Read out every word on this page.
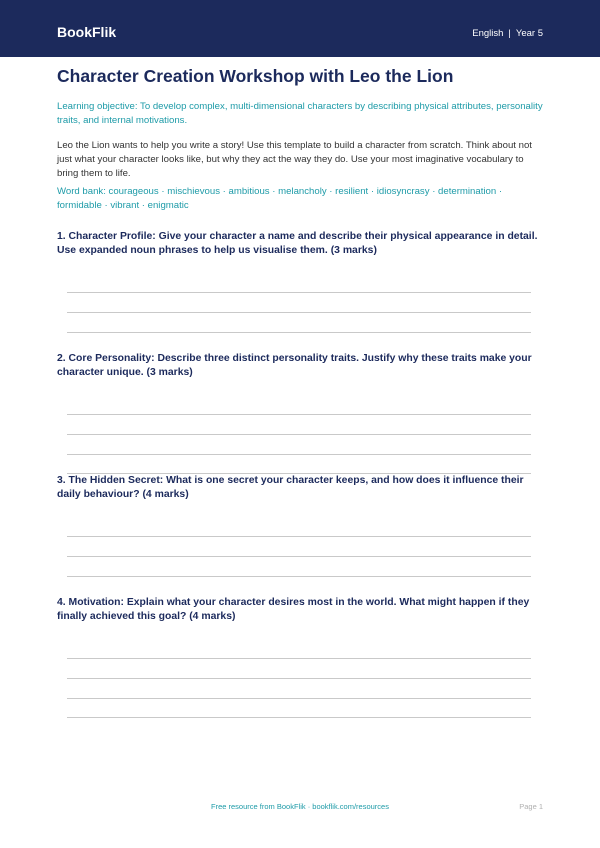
BookFlik	English | Year 5
Character Creation Workshop with Leo the Lion

Learning objective: To develop complex, multi-dimensional characters by describing physical attributes, personality traits, and internal motivations.

Leo the Lion wants to help you write a story! Use this template to build a character from scratch. Think about not just what your character looks like, but why they act the way they do. Use your most imaginative vocabulary to bring them to life.

Word bank: courageous · mischievous · ambitious · melancholy · resilient · idiosyncrasy · determination · formidable · vibrant · enigmatic

1. Character Profile: Give your character a name and describe their physical appearance in detail. Use expanded noun phrases to help us visualise them. (3 marks)

2. Core Personality: Describe three distinct personality traits. Justify why these traits make your character unique. (3 marks)

3. The Hidden Secret: What is one secret your character keeps, and how does it influence their daily behaviour? (4 marks)

4. Motivation: Explain what your character desires most in the world. What might happen if they finally achieved this goal? (4 marks)

Free resource from BookFlik · bookflik.com/resources	Page 1
